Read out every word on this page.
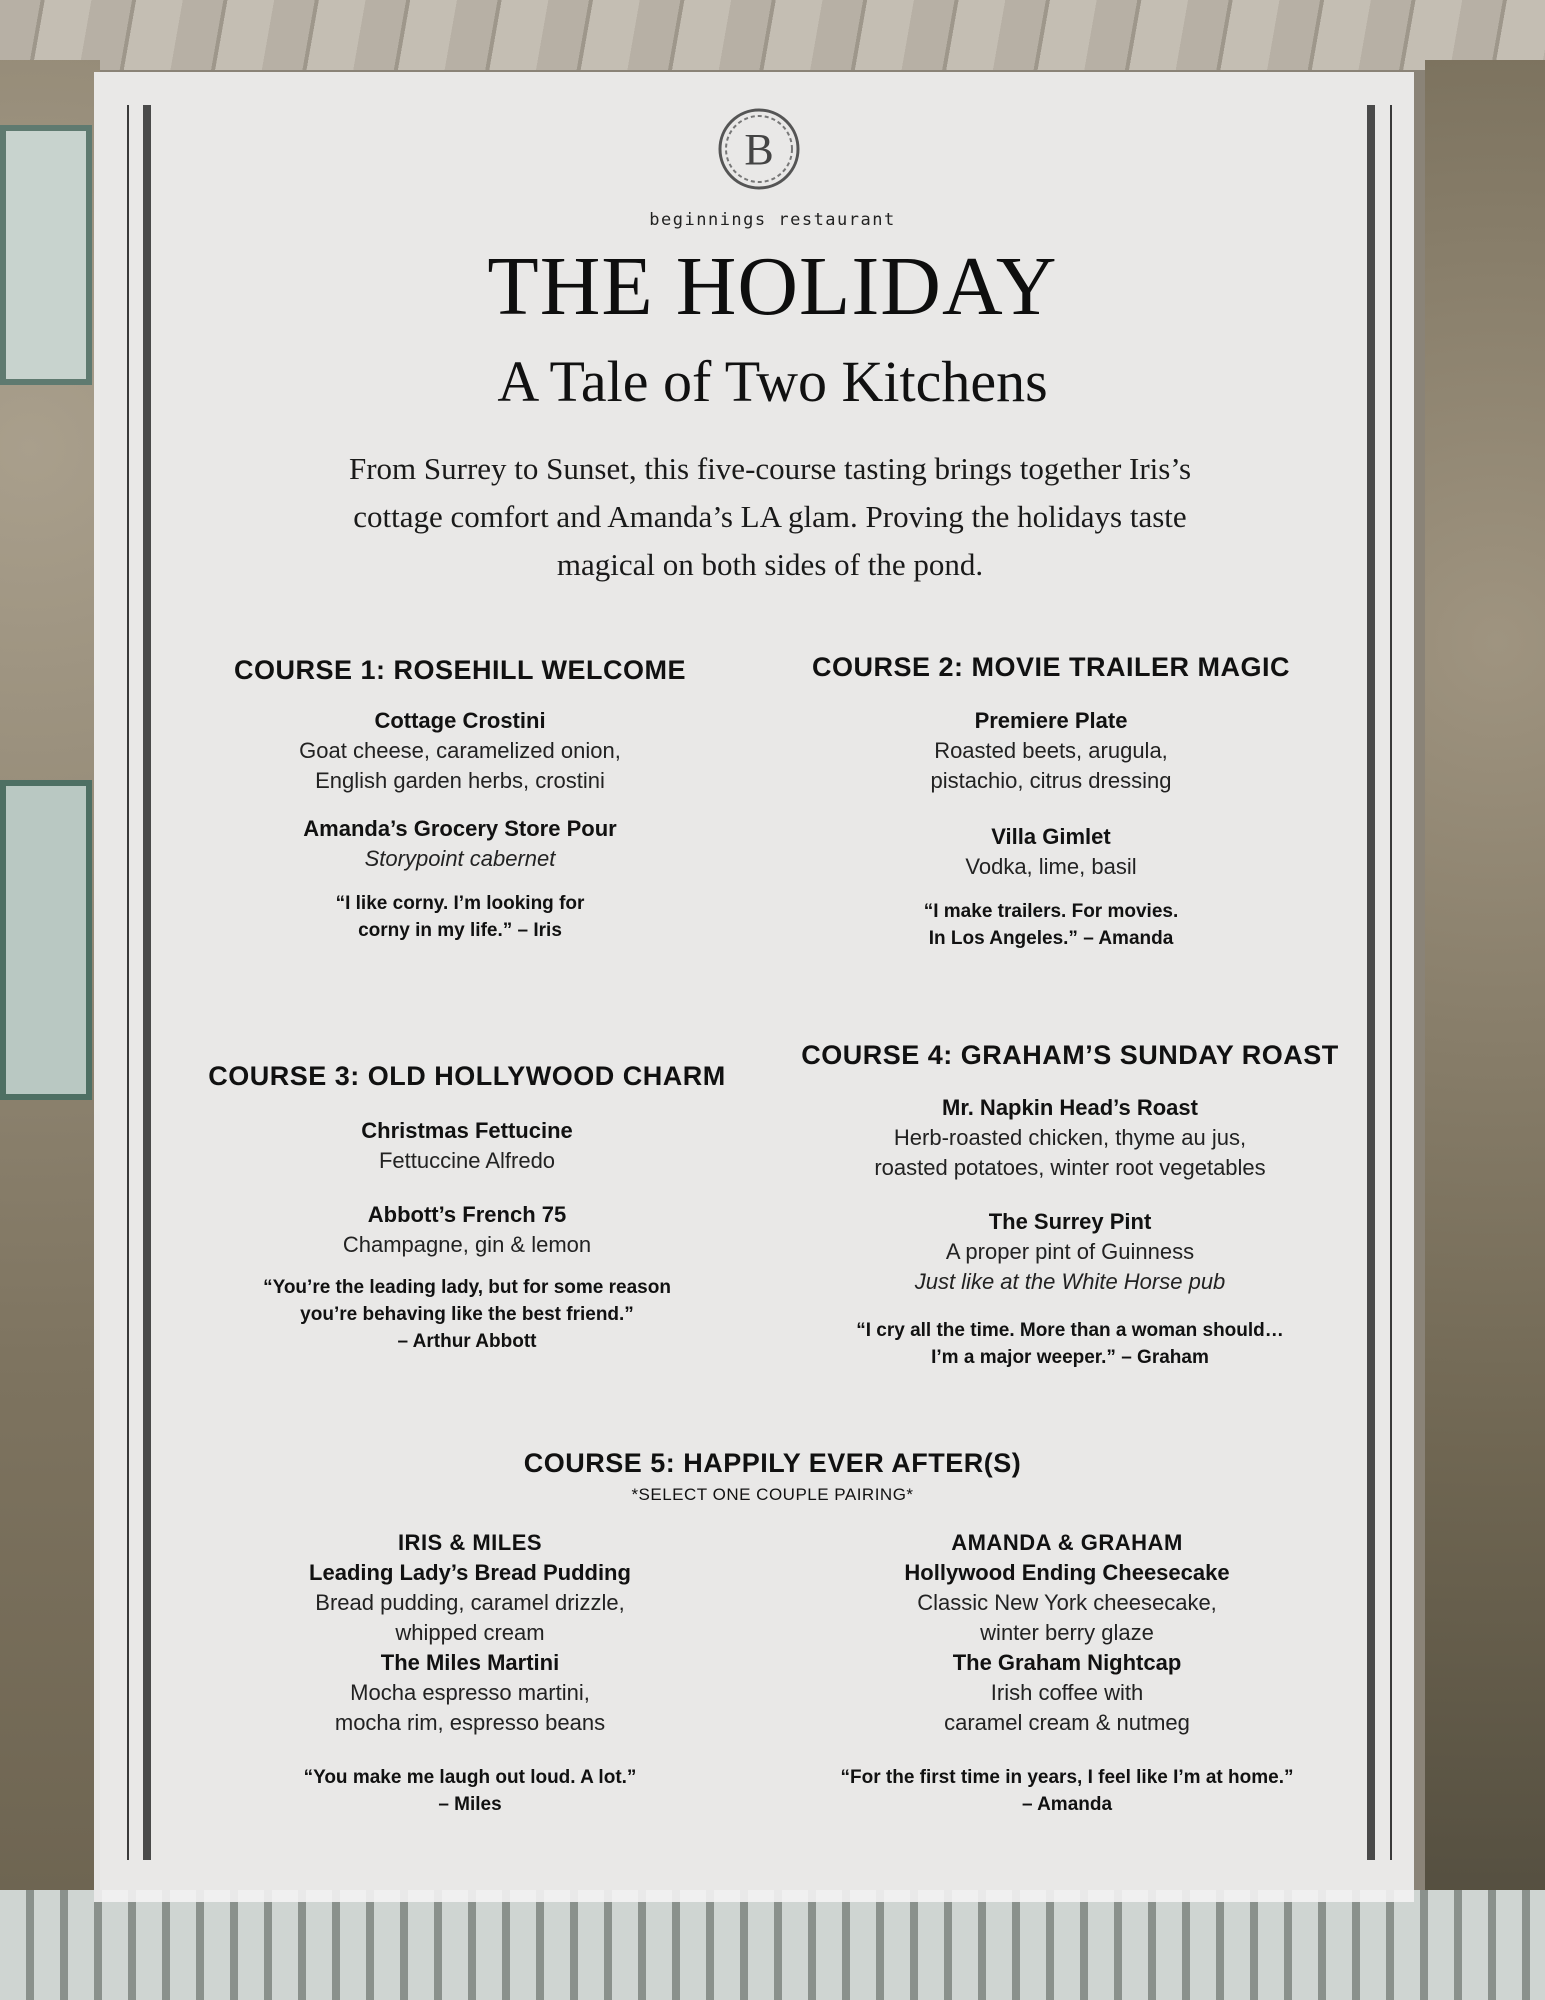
B
beginnings restaurant
THE HOLIDAY
A Tale of Two Kitchens
From Surrey to Sunset, this five-course tasting brings together Iris’s
cottage comfort and Amanda’s LA glam. Proving the holidays taste
magical on both sides of the pond.
COURSE 1: ROSEHILL WELCOME
Cottage Crostini
Goat cheese, caramelized onion,
English garden herbs, crostini
Amanda’s Grocery Store Pour
Storypoint cabernet
“I like corny. I’m looking for
corny in my life.” – Iris
COURSE 2: MOVIE TRAILER MAGIC
Premiere Plate
Roasted beets, arugula,
pistachio, citrus dressing
Villa Gimlet
Vodka, lime, basil
“I make trailers. For movies.
In Los Angeles.” – Amanda
COURSE 3: OLD HOLLYWOOD CHARM
Christmas Fettucine
Fettuccine Alfredo
Abbott’s French 75
Champagne, gin & lemon
“You’re the leading lady, but for some reason
you’re behaving like the best friend.”
– Arthur Abbott
COURSE 4: GRAHAM’S SUNDAY ROAST
Mr. Napkin Head’s Roast
Herb-roasted chicken, thyme au jus,
roasted potatoes, winter root vegetables
The Surrey Pint
A proper pint of Guinness
Just like at the White Horse pub
“I cry all the time. More than a woman should…
I’m a major weeper.” – Graham
COURSE 5: HAPPILY EVER AFTER(S)
*SELECT ONE COUPLE PAIRING*
IRIS & MILES
Leading Lady’s Bread Pudding
Bread pudding, caramel drizzle,
whipped cream
The Miles Martini
Mocha espresso martini,
mocha rim, espresso beans
“You make me laugh out loud. A lot.”
– Miles
AMANDA & GRAHAM
Hollywood Ending Cheesecake
Classic New York cheesecake,
winter berry glaze
The Graham Nightcap
Irish coffee with
caramel cream & nutmeg
“For the first time in years, I feel like I’m at home.”
– Amanda
